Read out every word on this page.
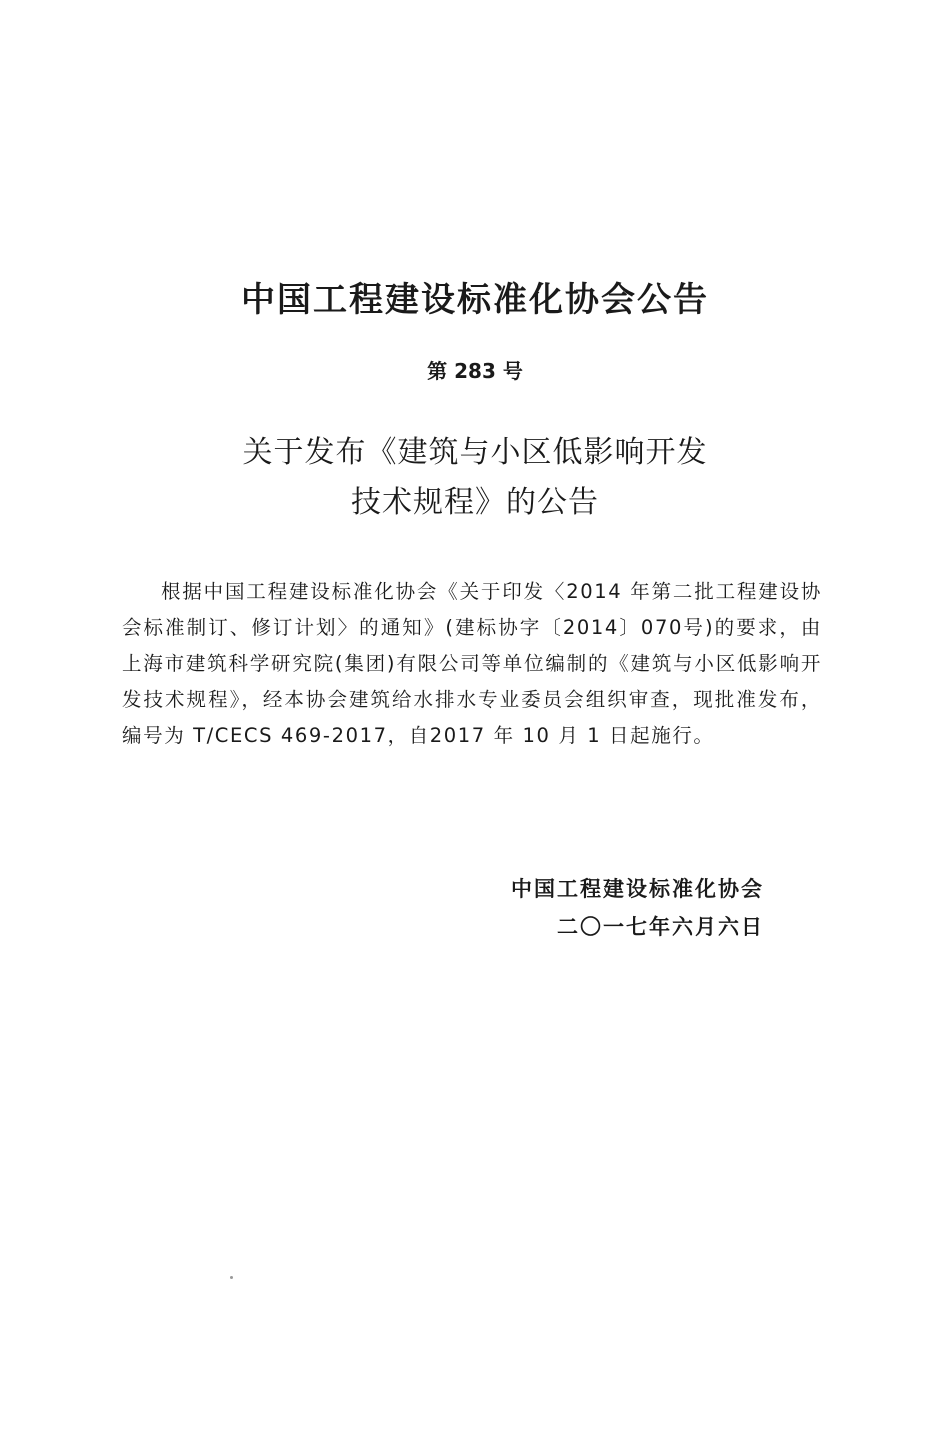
中国工程建设标准化协会公告
第 283 号
关于发布《建筑与小区低影响开发
技术规程》的公告

根据中国工程建设标准化协会《关于印发〈2014 年第二批工程建设协会标准制订、修订计划〉的通知》(建标协字〔2014〕070号)的要求，由上海市建筑科学研究院(集团)有限公司等单位编制的《建筑与小区低影响开发技术规程》，经本协会建筑给水排水专业委员会组织审查，现批准发布，编号为 T/CECS 469-2017，自2017 年 10 月 1 日起施行。

中国工程建设标准化协会
二〇一七年六月六日
